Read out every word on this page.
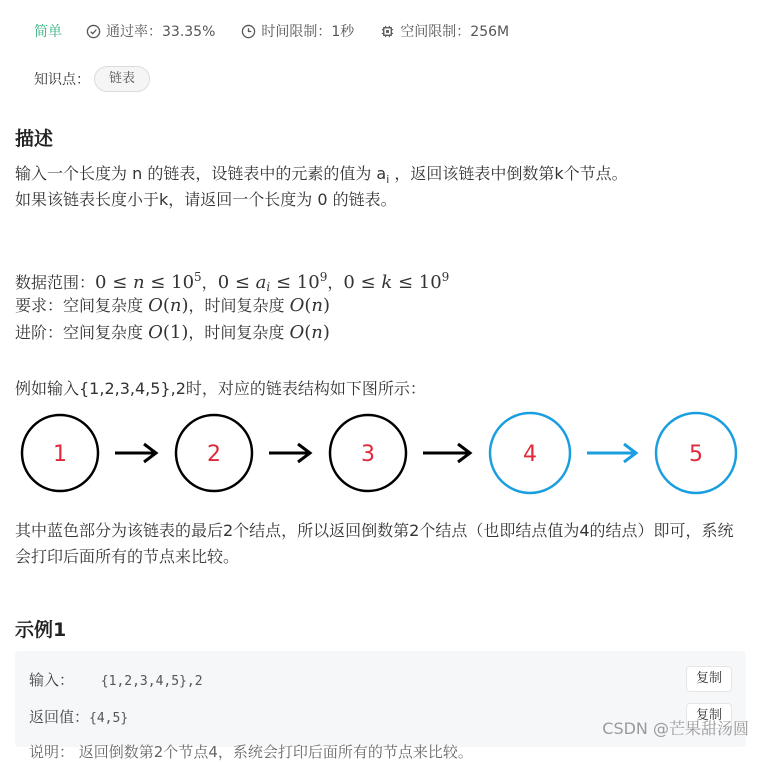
简单	通过率：33.35%	时间限制：1秒	空间限制：256M
知识点：	链表
描述
输入一个长度为 n 的链表，设链表中的元素的值为 $a_i$ ，返回该链表中倒数第k个节点。
如果该链表长度小于k，请返回一个长度为 0 的链表。
数据范围：$0 \le n \le 10^5$，$0 \le a_i \le 10^9$，$0 \le k \le 10^9$
要求：空间复杂度 O(n)，时间复杂度 O(n)
进阶：空间复杂度 O(1)，时间复杂度 O(n)
例如输入{1,2,3,4,5},2时，对应的链表结构如下图所示：
1	2	3	4	5
其中蓝色部分为该链表的最后2个结点，所以返回倒数第2个结点（也即结点值为4的结点）即可，系统会打印后面所有的节点来比较。
示例1
输入： {1,2,3,4,5},2	复制
返回值：{4,5}	复制
说明： 返回倒数第2个节点4，系统会打印后面所有的节点来比较。
CSDN @芒果甜汤圆
